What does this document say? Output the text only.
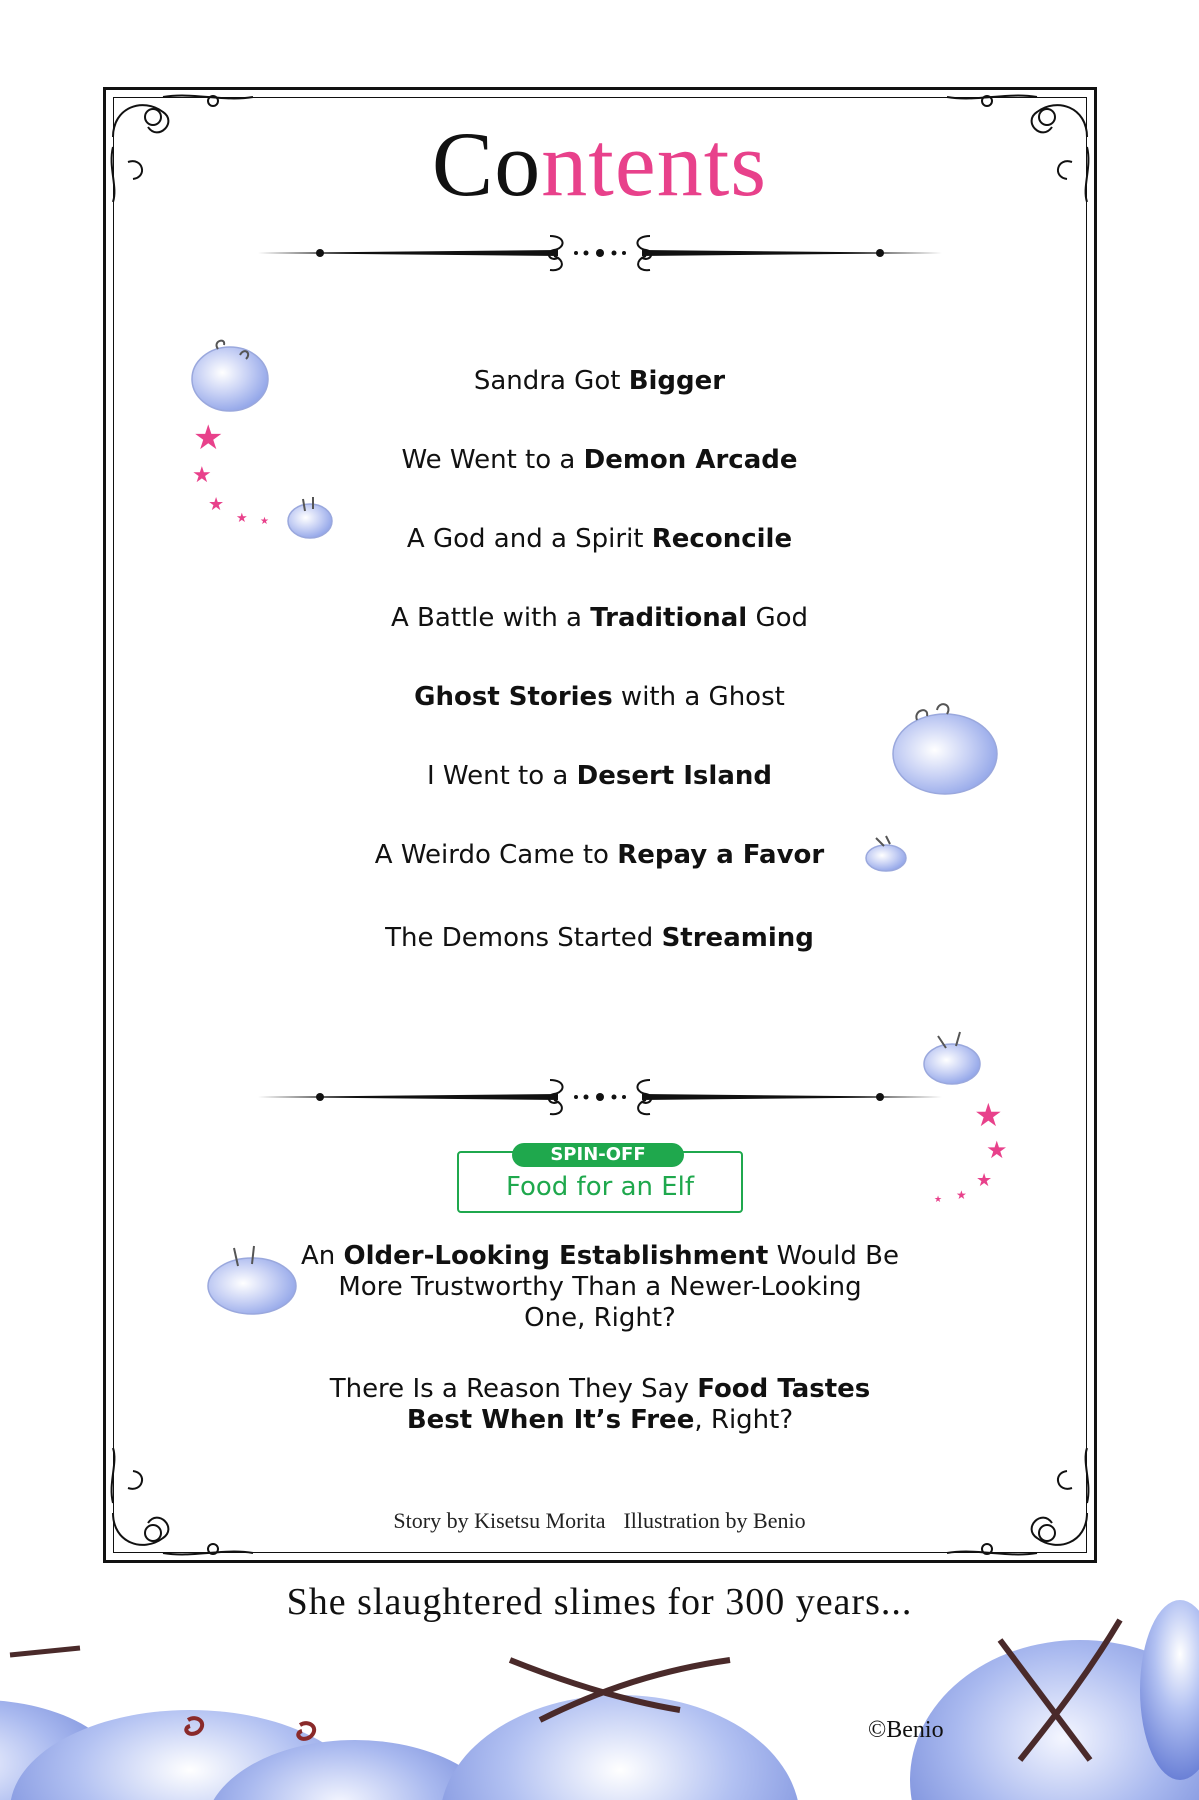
Contents
Sandra Got Bigger
We Went to a Demon Arcade
A God and a Spirit Reconcile
A Battle with a Traditional God
Ghost Stories with a Ghost
I Went to a Desert Island
A Weirdo Came to Repay a Favor
The Demons Started Streaming
SPIN-OFF
Food for an Elf
An Older-Looking Establishment Would Be
More Trustworthy Than a Newer-Looking
One, Right?
There Is a Reason They Say Food Tastes
Best When It’s Free, Right?
Story by Kisetsu Morita Illustration by Benio
She slaughtered slimes for 300 years...
★
★
★
★ ★
★
★
★
★
★
©Benio
